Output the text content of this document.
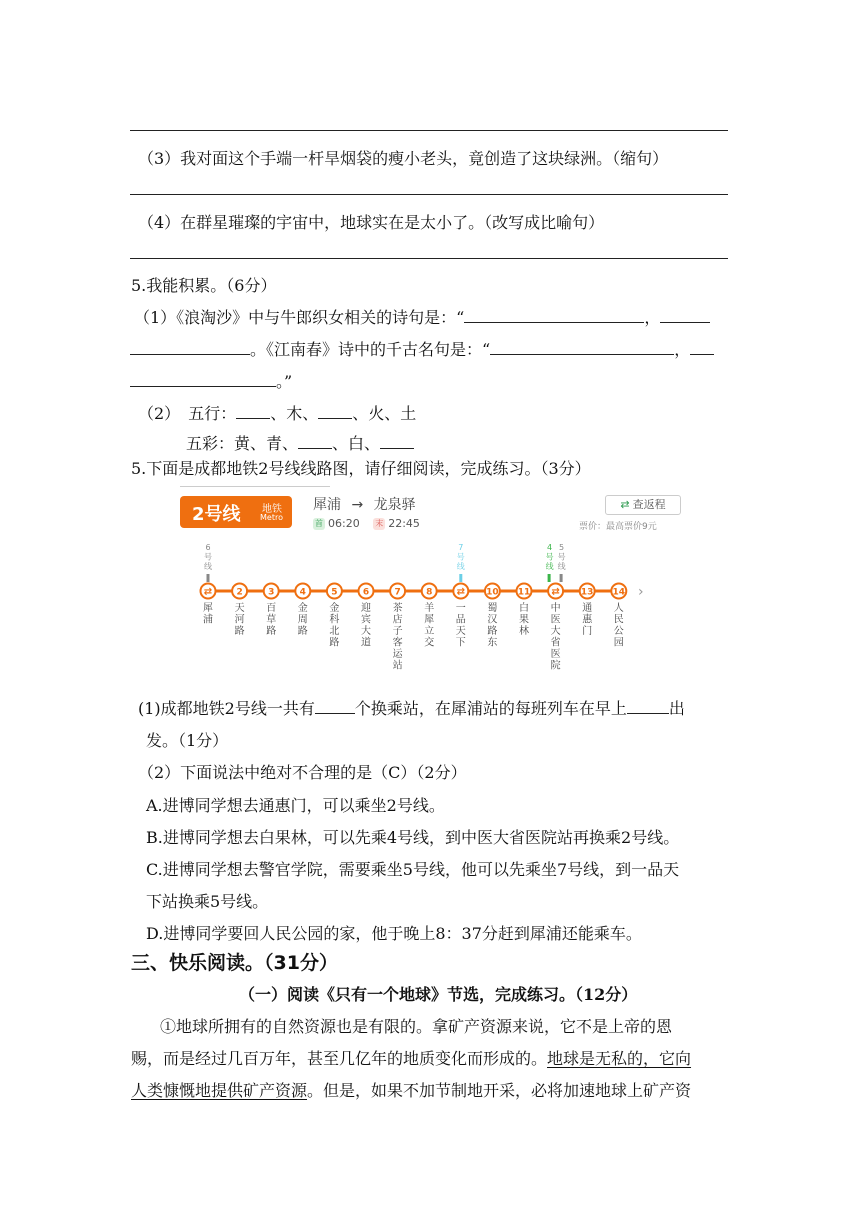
（3）我对面这个手端一杆旱烟袋的瘦小老头，竟创造了这块绿洲。（缩句）
（4）在群星璀璨的宇宙中，地球实在是太小了。（改写成比喻句）
5.我能积累。（6分）
（1）《浪淘沙》中与牛郎织女相关的诗句是：“	，
。《江南春》诗中的千古名句是：“	，
。”
（2） 五行： 、木、 、火、土
五彩：黄、青、 、白、
5.下面是成都地铁2号线线路图，请仔细阅读，完成练习。（3分）
2号线 地铁
Metro
犀浦 → 龙泉驿
首 06:20 末 22:45
⇄ 查返程
票价：最高票价9元
6 号线
⇄
犀浦
2
天河路
3
百草路
4
金周路
5
金科北路
6
迎宾大道
7
茶店子客运站
8
羊犀立交
7 号线
⇄
一品天下
10
蜀汉路东
11
白果林
4 号线
5 号线
⇄
中医大省医院
13
通惠门
14
人民公园
›
(1)成都地铁2号线一共有	个换乘站，在犀浦站的每班列车在早上	出
发。（1分）
（2）下面说法中绝对不合理的是（C）（2分）
A.进博同学想去通惠门，可以乘坐2号线。
B.进博同学想去白果林，可以先乘4号线，到中医大省医院站再换乘2号线。
C.进博同学想去警官学院，需要乘坐5号线，他可以先乘坐7号线，到一品天
下站换乘5号线。
D.进博同学要回人民公园的家，他于晚上8：37分赶到犀浦还能乘车。
三、快乐阅读。（31分）
（一）阅读《只有一个地球》节选，完成练习。（12分）
①地球所拥有的自然资源也是有限的。拿矿产资源来说，它不是上帝的恩
赐，而是经过几百万年，甚至几亿年的地质变化而形成的。地球是无私的，它向
人类慷慨地提供矿产资源。但是，如果不加节制地开采，必将加速地球上矿产资
